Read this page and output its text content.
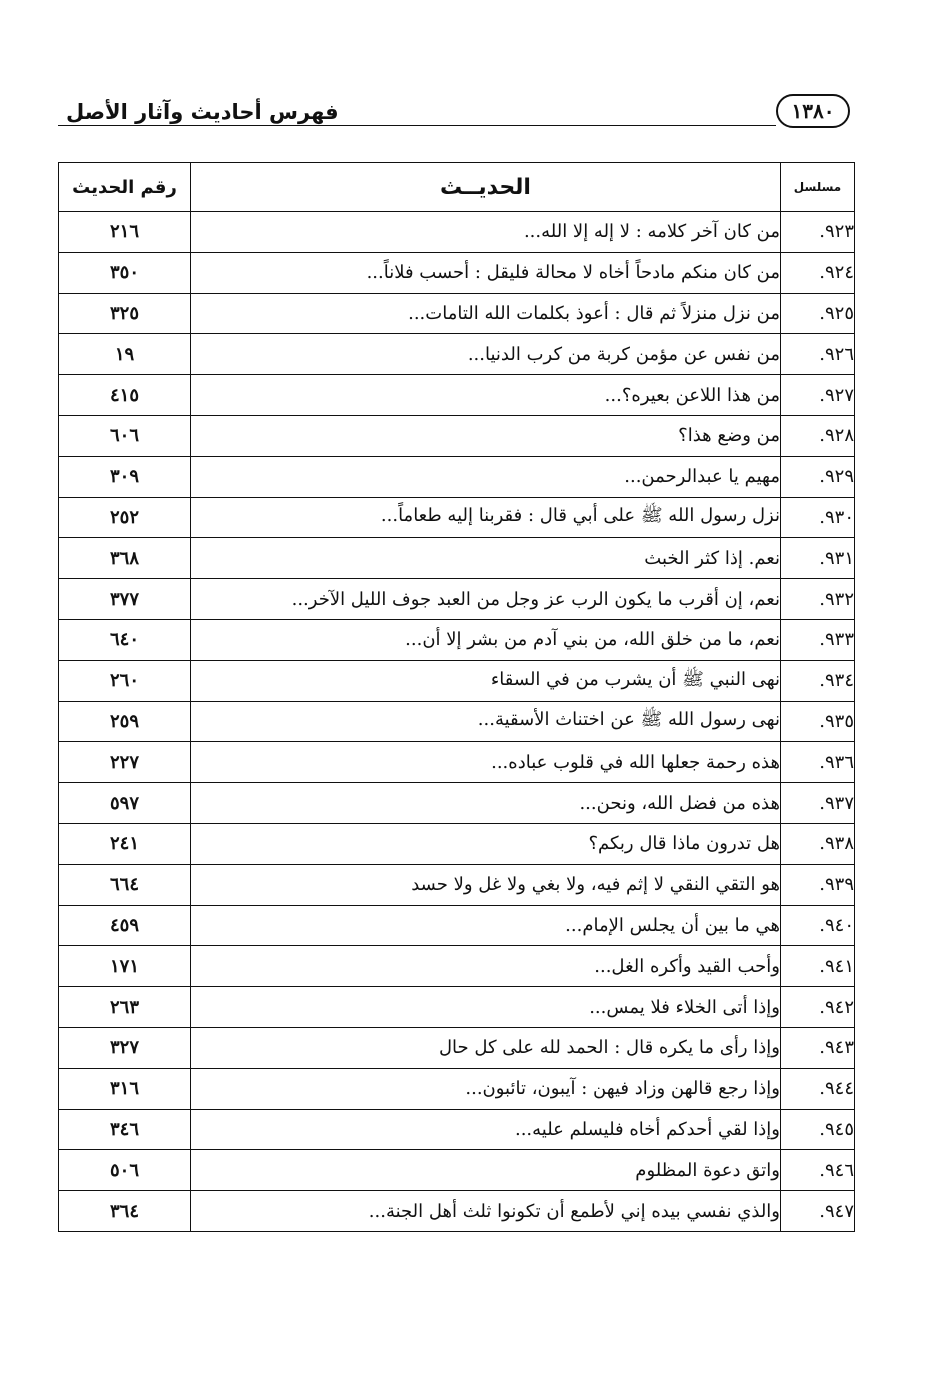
فهرس أحاديث وآثار الأصل	١٣٨٠
مسلسل	الحديــث	رقم الحديث
٩٢٣.	من كان آخر كلامه : لا إله إلا الله...	٢١٦
٩٢٤.	من كان منكم مادحاً أخاه لا محالة فليقل : أحسب فلاناً...	٣٥٠
٩٢٥.	من نزل منزلاً ثم قال : أعوذ بكلمات الله التامات...	٣٢٥
٩٢٦.	من نفس عن مؤمن كربة من كرب الدنيا...	١٩
٩٢٧.	من هذا اللاعن بعيره؟...	٤١٥
٩٢٨.	من وضع هذا؟	٦٠٦
٩٢٩.	مهيم يا عبدالرحمن...	٣٠٩
٩٣٠.	نزل رسول الله ﷺ على أبي قال : فقربنا إليه طعاماً...	٢٥٢
٩٣١.	نعم. إذا كثر الخبث	٣٦٨
٩٣٢.	نعم، إن أقرب ما يكون الرب عز وجل من العبد جوف الليل الآخر...	٣٧٧
٩٣٣.	نعم، ما من خلق الله، من بني آدم من بشر إلا أن...	٦٤٠
٩٣٤.	نهى النبي ﷺ أن يشرب من في السقاء	٢٦٠
٩٣٥.	نهى رسول الله ﷺ عن اختناث الأسقية...	٢٥٩
٩٣٦.	هذه رحمة جعلها الله في قلوب عباده...	٢٢٧
٩٣٧.	هذه من فضل الله، ونحن...	٥٩٧
٩٣٨.	هل تدرون ماذا قال ربكم؟	٢٤١
٩٣٩.	هو التقي النقي لا إثم فيه، ولا بغي ولا غل ولا حسد	٦٦٤
٩٤٠.	هي ما بين أن يجلس الإمام...	٤٥٩
٩٤١.	وأحب القيد وأكره الغل...	١٧١
٩٤٢.	وإذا أتى الخلاء فلا يمس...	٢٦٣
٩٤٣.	وإذا رأى ما يكره قال : الحمد لله على كل حال	٣٢٧
٩٤٤.	وإذا رجع قالهن وزاد فيهن : آيبون، تائبون...	٣١٦
٩٤٥.	وإذا لقي أحدكم أخاه فليسلم عليه...	٣٤٦
٩٤٦.	واتق دعوة المظلوم	٥٠٦
٩٤٧.	والذي نفسي بيده إني لأطمع أن تكونوا ثلث أهل الجنة...	٣٦٤
